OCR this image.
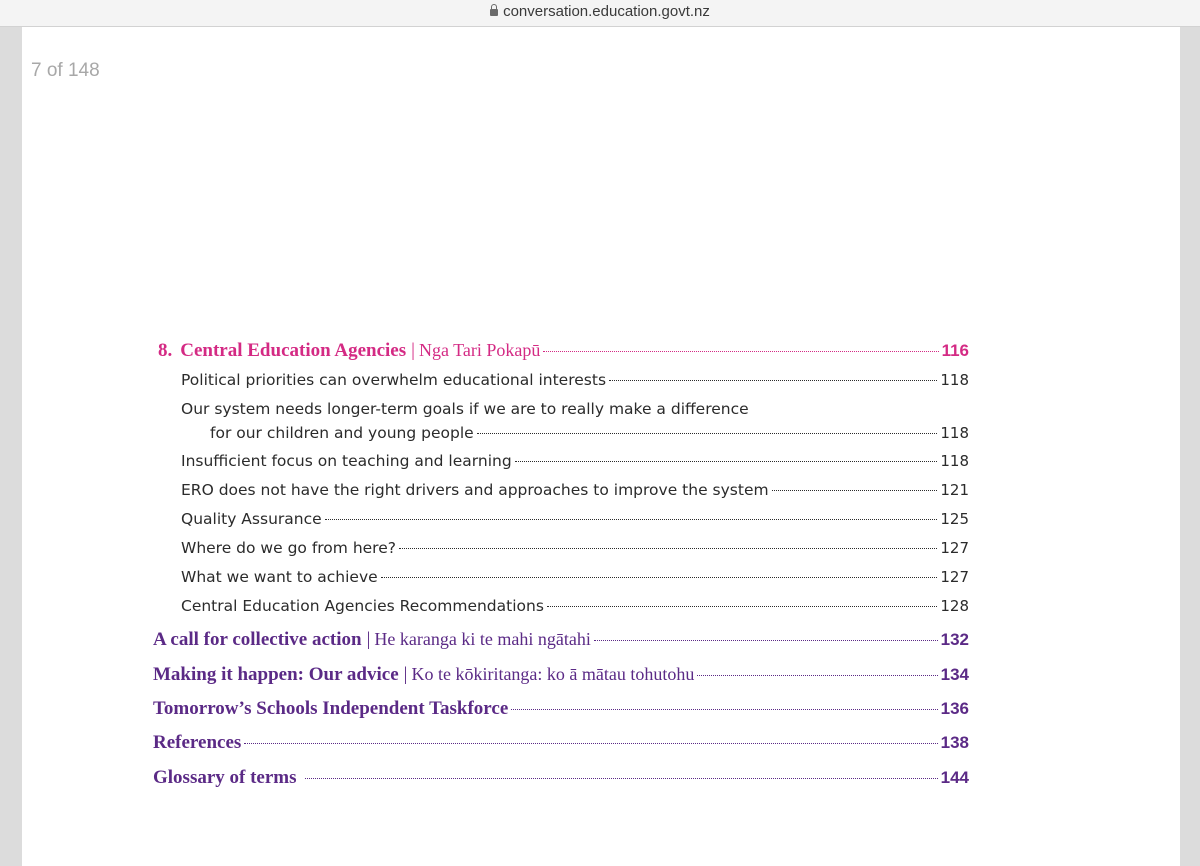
conversation.education.govt.nz
7 of 148
8. Central Education Agencies | Nga Tari Pokapū	116
Political priorities can overwhelm educational interests	118
Our system needs longer-term goals if we are to really make a difference
for our children and young people	118
Insufficient focus on teaching and learning	118
ERO does not have the right drivers and approaches to improve the system	121
Quality Assurance	125
Where do we go from here?	127
What we want to achieve	127
Central Education Agencies Recommendations	128
A call for collective action | He karanga ki te mahi ngātahi	132
Making it happen: Our advice | Ko te kōkiritanga: ko ā mātau tohutohu	134
Tomorrow’s Schools Independent Taskforce	136
References	138
Glossary of terms	144
